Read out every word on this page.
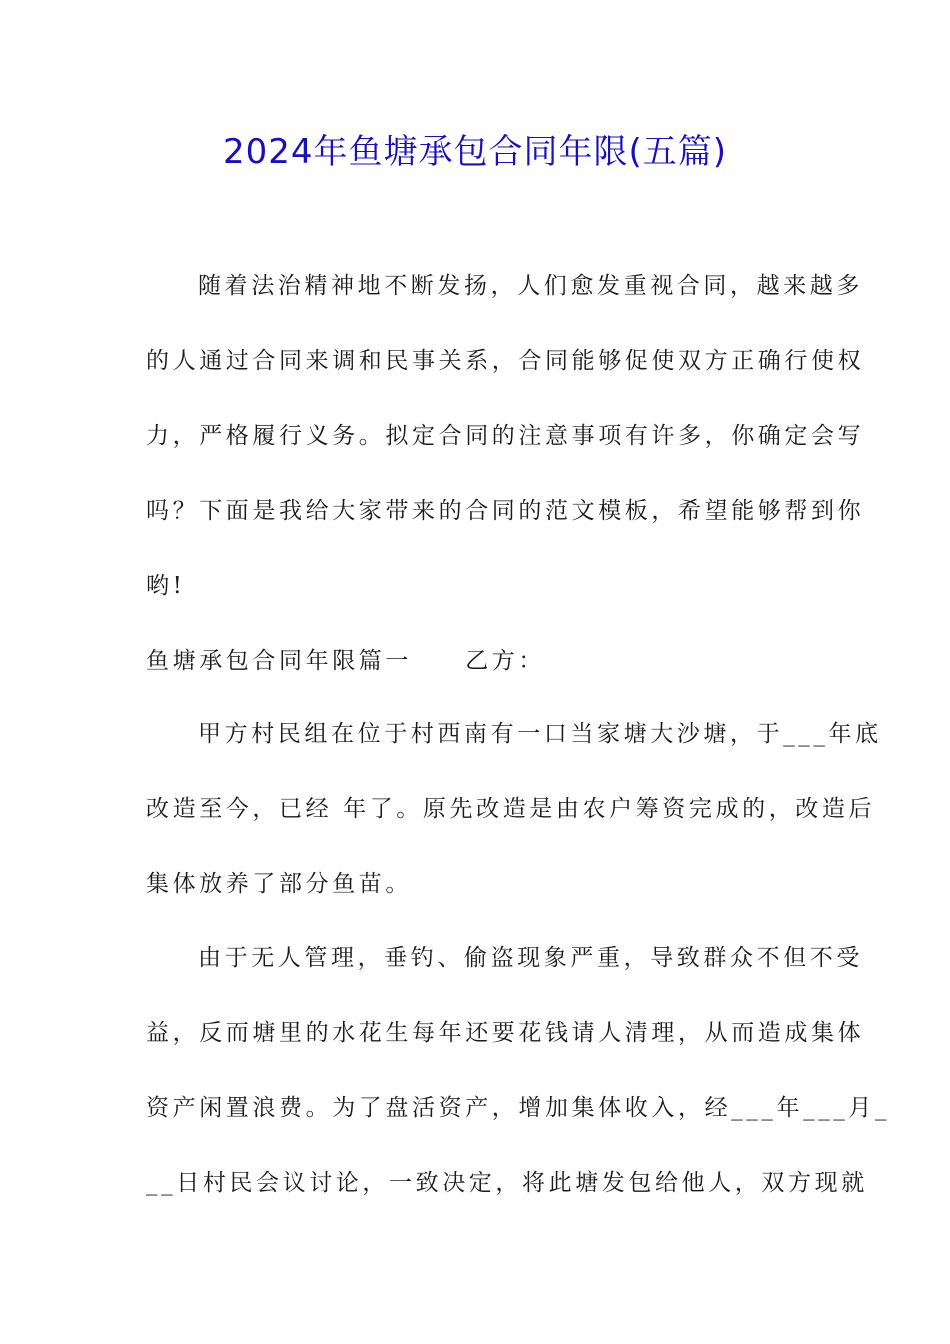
2024年鱼塘承包合同年限(五篇)
随着法治精神地不断发扬，人们愈发重视合同，越来越多
的人通过合同来调和民事关系，合同能够促使双方正确行使权
力，严格履行义务。拟定合同的注意事项有许多，你确定会写
吗？下面是我给大家带来的合同的范文模板，希望能够帮到你
哟!
鱼塘承包合同年限篇一　　乙方：
甲方村民组在位于村西南有一口当家塘大沙塘，于___年底
改造至今，已经 年了。原先改造是由农户筹资完成的，改造后
集体放养了部分鱼苗。
由于无人管理，垂钓、偷盗现象严重，导致群众不但不受
益，反而塘里的水花生每年还要花钱请人清理，从而造成集体
资产闲置浪费。为了盘活资产，增加集体收入，经___年___月_
__日村民会议讨论，一致决定，将此塘发包给他人，双方现就
